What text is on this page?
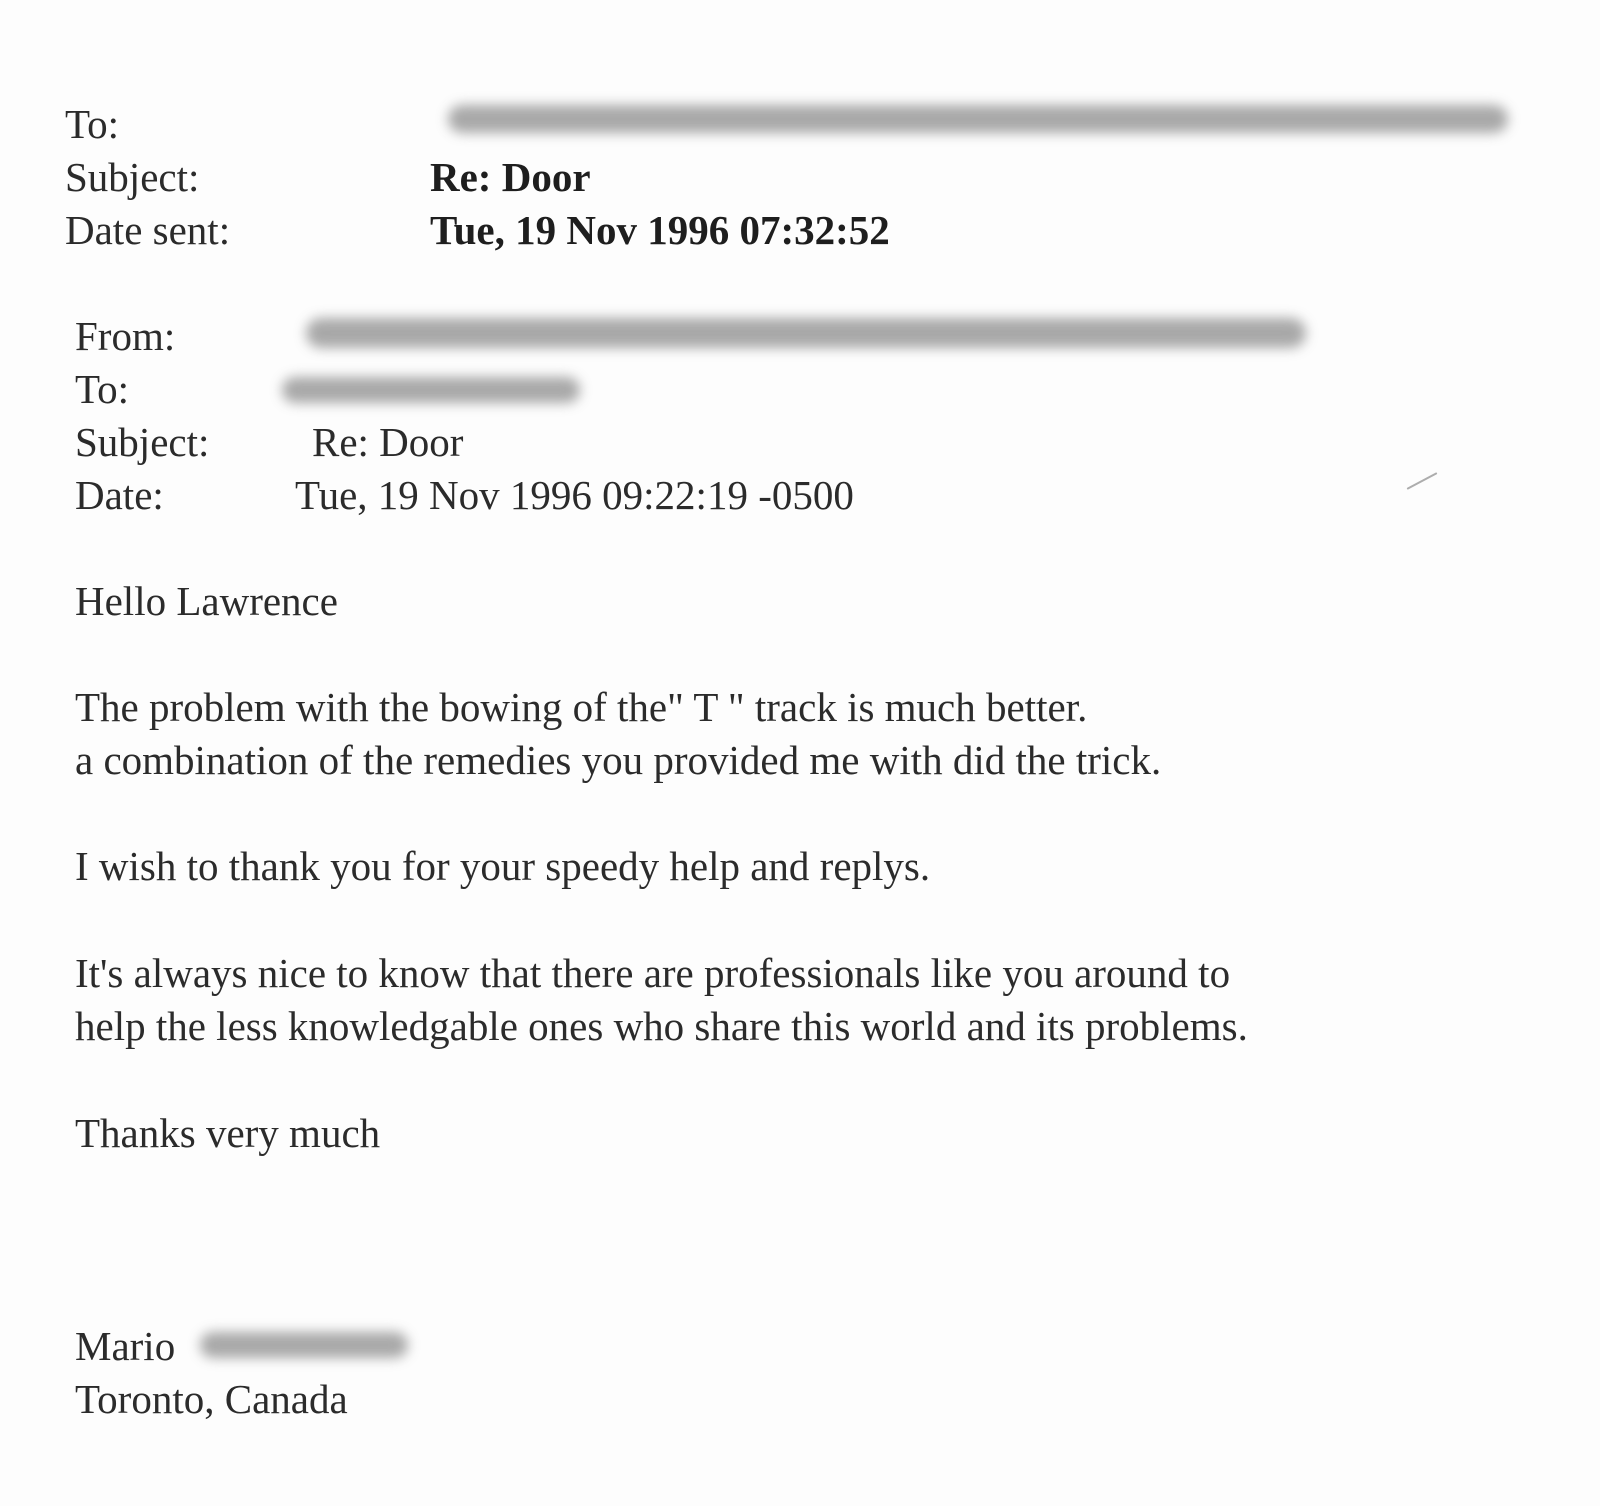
To:
Subject:	Re: Door
Date sent:	Tue, 19 Nov 1996 07:32:52
From:
To:
Subject:	Re: Door
Date:	Tue, 19 Nov 1996 09:22:19 -0500
Hello Lawrence
The problem with the bowing of the" T " track is much better.
a combination of the remedies you provided me with did the trick.
I wish to thank you for your speedy help and replys.
It's always nice to know that there are professionals like you around to
help the less knowledgable ones who share this world and its problems.
Thanks very much
Mario
Toronto, Canada
